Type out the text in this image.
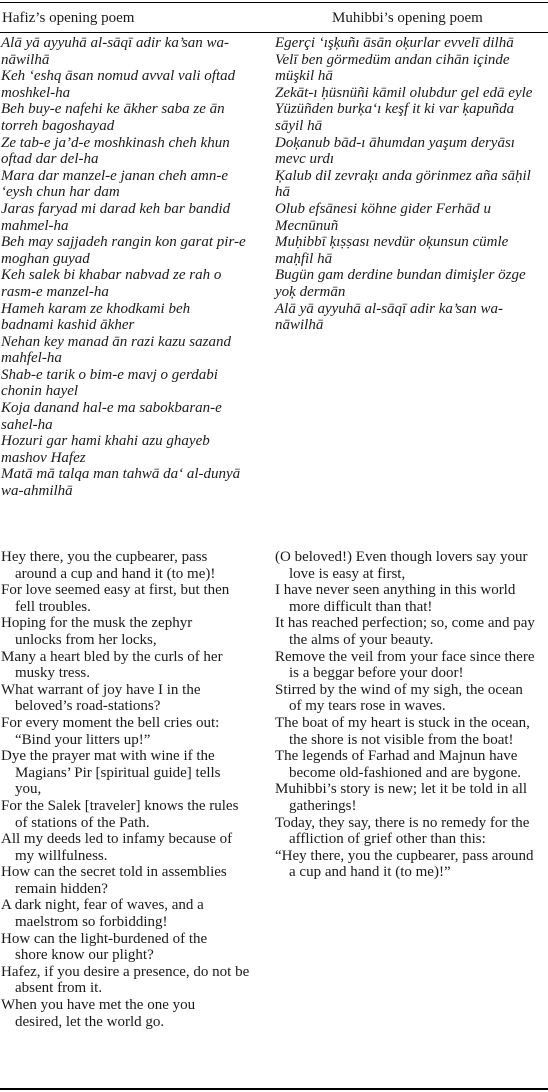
Hafiz’s opening poem	Muhibbi’s opening poem

Alā yā ayyuhā al-sāqī adir ka’san wa-

nāwilhā

Keh ‘eshq āsan nomud avval vali oftad

moshkel-ha

Beh buy-e nafehi ke ākher saba ze ān

torreh bagoshayad

Ze tab-e ja’d-e moshkinash cheh khun

oftad dar del-ha

Mara dar manzel-e janan cheh amn-e

‘eysh chun har dam

Jaras faryad mi darad keh bar bandid

mahmel-ha

Beh may sajjadeh rangin kon garat pir-e

moghan guyad

Keh salek bi khabar nabvad ze rah o

rasm-e manzel-ha

Hameh karam ze khodkami beh

badnami kashid ākher

Nehan key manad ān razi kazu sazand

mahfel-ha

Shab-e tarik o bim-e mavj o gerdabi

chonin hayel

Koja danand hal-e ma sabokbaran-e

sahel-ha

Hozuri gar hami khahi azu ghayeb

mashov Hafez

Matā mā talqa man tahwā da‘ al-dunyā

wa-ahmilhā

Egerçi ‘ışķuñı āsān oķurlar evvelī dilhā

Velī ben görmedüm andan cihān içinde

müşkil hā

Zekāt-ı ḥüsnüñi kāmil olubdur gel edā eyle

Yüzüñden burķa‘ı keşf it ki var ķapuñda

sāyil hā

Doķanub bād-ı āhumdan yaşum deryāsı

mevc urdı

Ķalub dil zevraķı anda görinmez aña sāḥil

hā

Olub efsānesi köhne gider Ferhād u

Mecnūnuñ

Muḥibbī ķıṣṣası nevdür oķunsun cümle

maḥfil hā

Bugün gam derdine bundan dimişler özge

yoķ dermān

Alā yā ayyuhā al-sāqī adir ka’san wa-

nāwilhā

Hey there, you the cupbearer, pass

around a cup and hand it (to me)!

For love seemed easy at first, but then

fell troubles.

Hoping for the musk the zephyr

unlocks from her locks,

Many a heart bled by the curls of her

musky tress.

What warrant of joy have I in the

beloved’s road-stations?

For every moment the bell cries out:

“Bind your litters up!”

Dye the prayer mat with wine if the

Magians’ Pir [spiritual guide] tells

you,

For the Salek [traveler] knows the rules

of stations of the Path.

All my deeds led to infamy because of

my willfulness.

How can the secret told in assemblies

remain hidden?

A dark night, fear of waves, and a

maelstrom so forbidding!

How can the light-burdened of the

shore know our plight?

Hafez, if you desire a presence, do not be

absent from it.

When you have met the one you

desired, let the world go.

(O beloved!) Even though lovers say your

love is easy at first,

I have never seen anything in this world

more difficult than that!

It has reached perfection; so, come and pay

the alms of your beauty.

Remove the veil from your face since there

is a beggar before your door!

Stirred by the wind of my sigh, the ocean

of my tears rose in waves.

The boat of my heart is stuck in the ocean,

the shore is not visible from the boat!

The legends of Farhad and Majnun have

become old-fashioned and are bygone.

Muhibbi’s story is new; let it be told in all

gatherings!

Today, they say, there is no remedy for the

affliction of grief other than this:

“Hey there, you the cupbearer, pass around

a cup and hand it (to me)!”
